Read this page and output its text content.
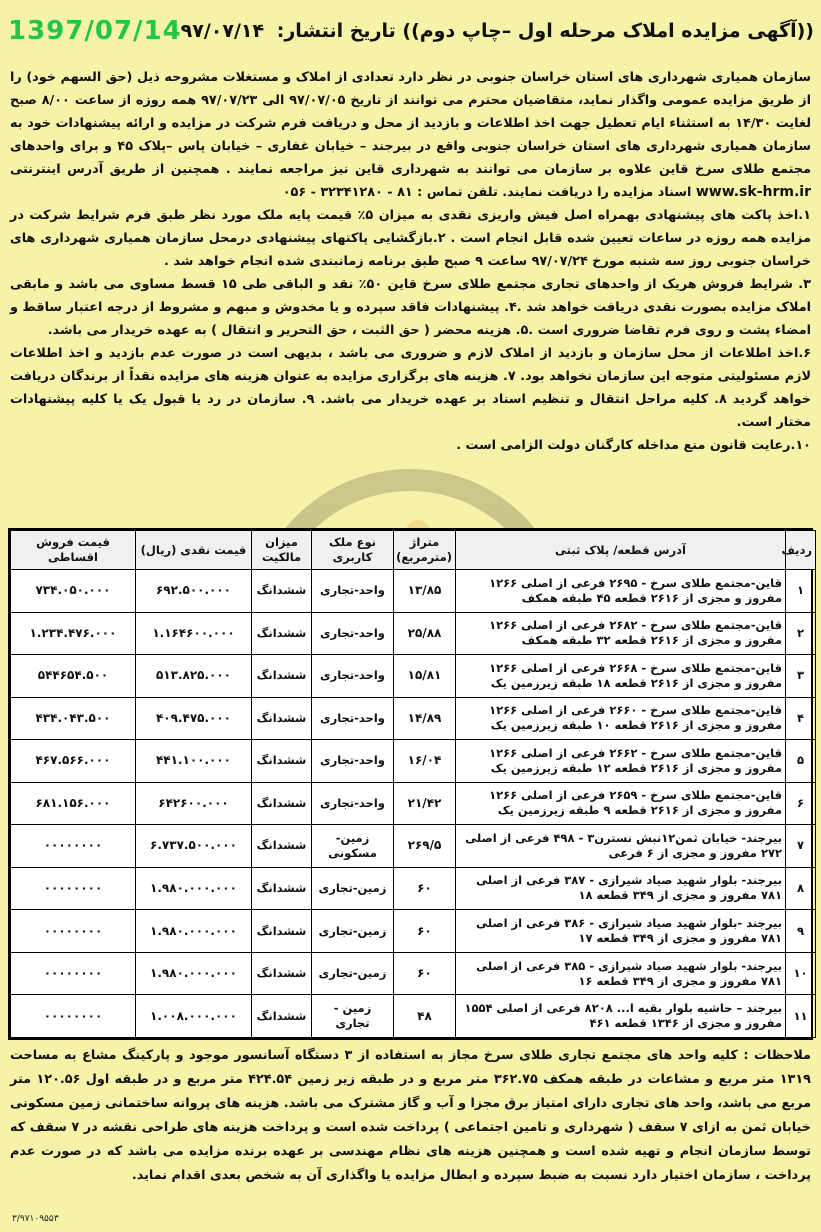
1397/07/14	((آگهی مزایده املاک مرحله اول –چاپ دوم)) تاریخ انتشار: ۹۷/۰۷/۱۴

سازمان همیاری شهرداری های استان خراسان جنوبی در نظر دارد تعدادی از املاک و مستغلات مشروحه ذیل (حق السهم خود) را از طریق مزایده عمومی واگذار نماید، متقاضیان محترم می توانند از تاریخ ۹۷/۰۷/۰۵ الی ۹۷/۰۷/۲۳ همه روزه از ساعت ۸/۰۰ صبح لغایت ۱۴/۳۰ به استثناء ایام تعطیل جهت اخذ اطلاعات و بازدید از محل و دریافت فرم شرکت در مزایده و ارائه پیشنهادات خود به سازمان همیاری شهرداری های استان خراسان جنوبی واقع در بیرجند – خیابان غفاری – خیابان پاس –پلاک ۴۵ و برای واحدهای مجتمع طلای سرخ قاین علاوه بر سازمان می توانند به شهرداری قاین نیز مراجعه نمایند . همچنین از طریق آدرس اینترنتی www.sk-hrm.ir اسناد مزایده را دریافت نمایند. تلفن تماس : ۰۵۶ - ۳۲۳۴۱۲۸۰ - ۸۱

۱.اخذ پاکت های پیشنهادی بهمراه اصل فیش واریزی نقدی به میزان ۵٪ قیمت پایه ملک مورد نظر طبق فرم شرایط شرکت در مزایده همه روزه در ساعات تعیین شده قابل انجام است . ۲.بازگشایی پاکتهای پیشنهادی درمحل سازمان همیاری شهرداری های خراسان جنوبی روز سه شنبه مورخ ۹۷/۰۷/۲۴ ساعت ۹ صبح طبق برنامه زمانبندی شده انجام خواهد شد .

۳. شرایط فروش هریک از واحدهای تجاری مجتمع طلای سرخ قاین ۵۰٪ نقد و الباقی طی ۱۵ قسط مساوی می باشد و مابقی املاک مزایده بصورت نقدی دریافت خواهد شد .۴. پیشنهادات فاقد سپرده و یا مخدوش و مبهم و مشروط از درجه اعتبار ساقط و امضاء پشت و روی فرم تقاضا ضروری است .۵. هزینه محضر ( حق الثبت ، حق التحریر و انتقال ) به عهده خریدار می باشد.

۶.اخذ اطلاعات از محل سازمان و بازدید از املاک لازم و ضروری می باشد ، بدیهی است در صورت عدم بازدید و اخذ اطلاعات لازم مسئولیتی متوجه این سازمان نخواهد بود. ۷. هزینه های برگزاری مزایده به عنوان هزینه های مزایده نقداً از برندگان دریافت خواهد گردید ۸. کلیه مراحل انتقال و تنظیم اسناد بر عهده خریدار می باشد. ۹. سازمان در رد یا قبول یک یا کلیه پیشنهادات مختار است.

۱۰.رعایت قانون منع مداخله کارگنان دولت الزامی است .

ردیف	آدرس قطعه/ پلاک ثبتی	متراژ (مترمربع)	نوع ملک کاربری	میزان مالکیت	قیمت نقدی (ریال)	قیمت فروش اقساطی
۱	قاین-مجتمع طلای سرخ - ۲۶۹۵ فرعی از اصلی ۱۲۶۶ مفروز و مجزی از ۲۶۱۶ قطعه ۴۵ طبقه همکف	۱۳/۸۵	واحد-تجاری	ششدانگ	۶۹۲.۵۰۰.۰۰۰	۷۳۴.۰۵۰.۰۰۰
۲	قاین-مجتمع طلای سرخ - ۲۶۸۲ فرعی از اصلی ۱۲۶۶ مفروز و مجزی از ۲۶۱۶ قطعه ۳۲ طبقه همکف	۲۵/۸۸	واحد-تجاری	ششدانگ	۱.۱۶۴۶۰۰.۰۰۰	۱.۲۳۴.۴۷۶.۰۰۰
۳	قاین-مجتمع طلای سرخ - ۲۶۶۸ فرعی از اصلی ۱۲۶۶ مفروز و مجزی از ۲۶۱۶ قطعه ۱۸ طبقه زیرزمین یک	۱۵/۸۱	واحد-تجاری	ششدانگ	۵۱۳.۸۲۵.۰۰۰	۵۴۴۶۵۴.۵۰۰
۴	قاین-مجتمع طلای سرخ - ۲۶۶۰ فرعی از اصلی ۱۲۶۶ مفروز و مجزی از ۲۶۱۶ قطعه ۱۰ طبقه زیرزمین یک	۱۴/۸۹	واحد-تجاری	ششدانگ	۴۰۹.۴۷۵.۰۰۰	۴۳۴.۰۴۳.۵۰۰
۵	قاین-مجتمع طلای سرخ - ۲۶۶۲ فرعی از اصلی ۱۲۶۶ مفروز و مجزی از ۲۶۱۶ قطعه ۱۲ طبقه زیرزمین یک	۱۶/۰۴	واحد-تجاری	ششدانگ	۴۴۱.۱۰۰.۰۰۰	۴۶۷.۵۶۶.۰۰۰
۶	قاین-مجتمع طلای سرخ - ۲۶۵۹ فرعی از اصلی ۱۲۶۶ مفروز و مجزی از ۲۶۱۶ قطعه ۹ طبقه زیرزمین یک	۲۱/۴۲	واحد-تجاری	ششدانگ	۶۴۲۶۰۰.۰۰۰	۶۸۱.۱۵۶.۰۰۰
۷	بیرجند- خیابان ثمن۱۲نبش نسترن۳ - ۴۹۸ فرعی از اصلی ۲۷۲ مفروز و مجزی از ۶ فرعی	۲۶۹/۵	زمین-مسکونی	ششدانگ	۶.۷۳۷.۵۰۰.۰۰۰	۰۰۰۰۰۰۰۰
۸	بیرجند- بلوار شهید صیاد شیرازی - ۳۸۷ فرعی از اصلی ۷۸۱ مفروز و مجزی از ۳۴۹ قطعه ۱۸	۶۰	زمین-تجاری	ششدانگ	۱.۹۸۰.۰۰۰.۰۰۰	۰۰۰۰۰۰۰۰
۹	بیرجند -بلوار شهید صیاد شیرازی - ۳۸۶ فرعی از اصلی ۷۸۱ مفروز و مجزی از ۳۴۹ قطعه ۱۷	۶۰	زمین-تجاری	ششدانگ	۱.۹۸۰.۰۰۰.۰۰۰	۰۰۰۰۰۰۰۰
۱۰	بیرجند- بلوار شهید صیاد شیرازی - ۳۸۵ فرعی از اصلی ۷۸۱ مفروز و مجزی از ۳۴۹ قطعه ۱۶	۶۰	زمین-تجاری	ششدانگ	۱.۹۸۰.۰۰۰.۰۰۰	۰۰۰۰۰۰۰۰
۱۱	بیرجند – حاشیه بلوار بقیه ا... ۸۲۰۸ فرعی از اصلی ۱۵۵۴ مفروز و مجزی از ۱۳۴۶ قطعه ۴۶۱	۴۸	زمین - تجاری	ششدانگ	۱.۰۰۸.۰۰۰.۰۰۰	۰۰۰۰۰۰۰۰
ملاحظات : کلیه واحد های مجتمع تجاری طلای سرخ مجاز به استفاده از ۳ دستگاه آسانسور موجود و پارکینگ مشاع به مساحت ۱۳۱۹ متر مربع و مشاعات در طبقه همکف ۳۶۲.۷۵ متر مربع و در طبقه زیر زمین ۴۲۴.۵۴ متر مربع و در طبقه اول ۱۲۰.۵۶ متر مربع می باشد، واحد های تجاری دارای امتیاز برق مجزا و آب و گاز مشترک می باشد. هزینه های پروانه ساختمانی زمین مسکونی خیابان ثمن به ازای ۷ سقف ( شهرداری و تامین اجتماعی ) پرداخت شده است و پرداخت هزینه های طراحی نقشه در ۷ سقف که توسط سازمان انجام و تهیه شده است و همچنین هزینه های نظام مهندسی بر عهده برنده مزایده می باشد که در صورت عدم پرداخت ، سازمان اختیار دارد نسبت به ضبط سپرده و ابطال مزایده یا واگذاری آن به شخص بعدی اقدام نماید.
۳/۹۷۱۰۹۵۵۳
